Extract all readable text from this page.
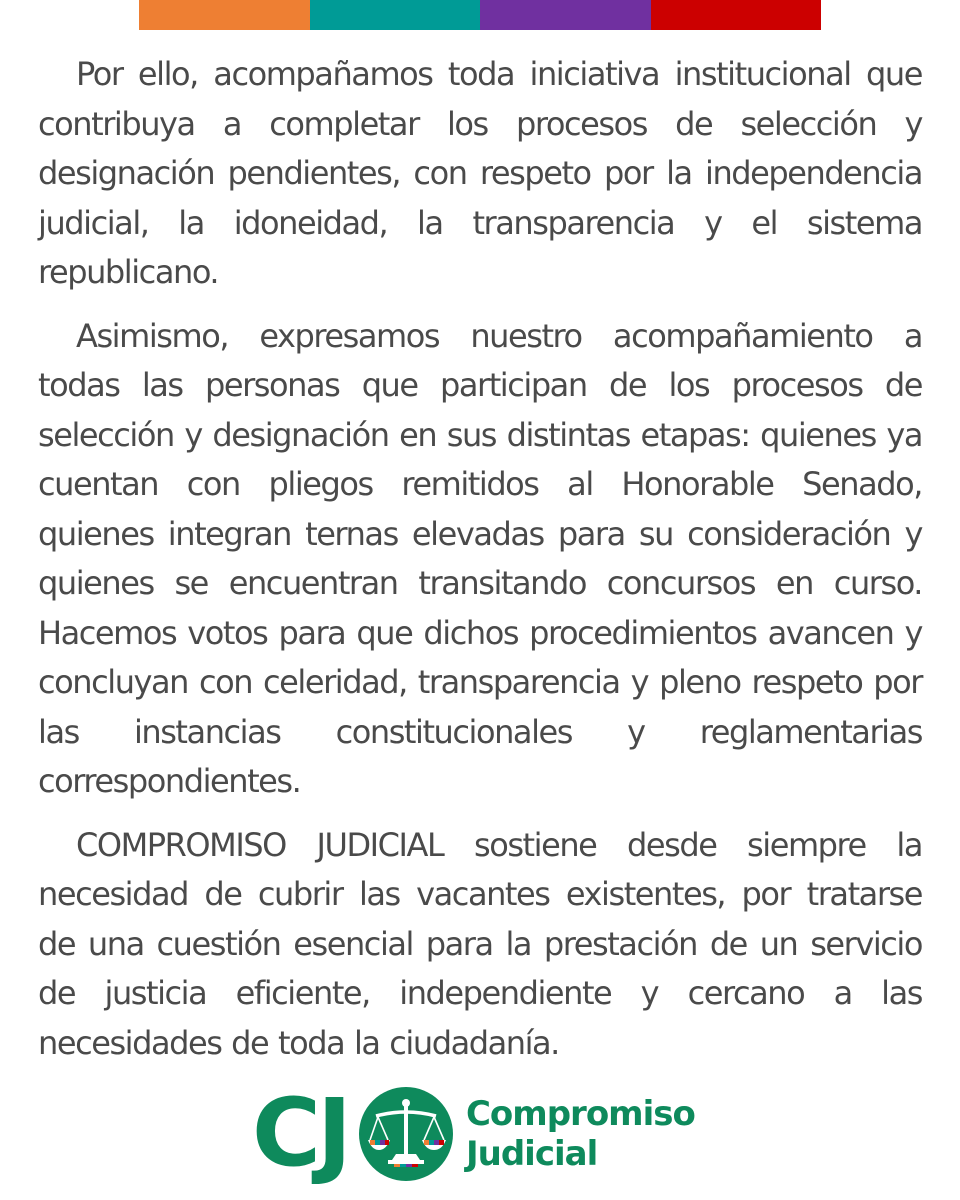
Por ello, acompañamos toda iniciativa institucional que contribuya a completar los procesos de selección y designación pendientes, con respeto por la independencia judicial, la idoneidad, la transparencia y el sistema republicano.

Asimismo, expresamos nuestro acompañamiento a todas las personas que participan de los procesos de selección y designación en sus distintas etapas: quienes ya cuentan con pliegos remitidos al Honorable Senado, quienes integran ternas elevadas para su consideración y quienes se encuentran transitando concursos en curso. Hacemos votos para que dichos procedimientos avancen y concluyan con celeridad, transparencia y pleno respeto por las instancias constitucionales y reglamentarias correspondientes.

COMPROMISO JUDICIAL sostiene desde siempre la necesidad de cubrir las vacantes existentes, por tratarse de una cuestión esencial para la prestación de un servicio de justicia eficiente, independiente y cercano a las necesidades de toda la ciudadanía.

CJ	Compromiso
Judicial
